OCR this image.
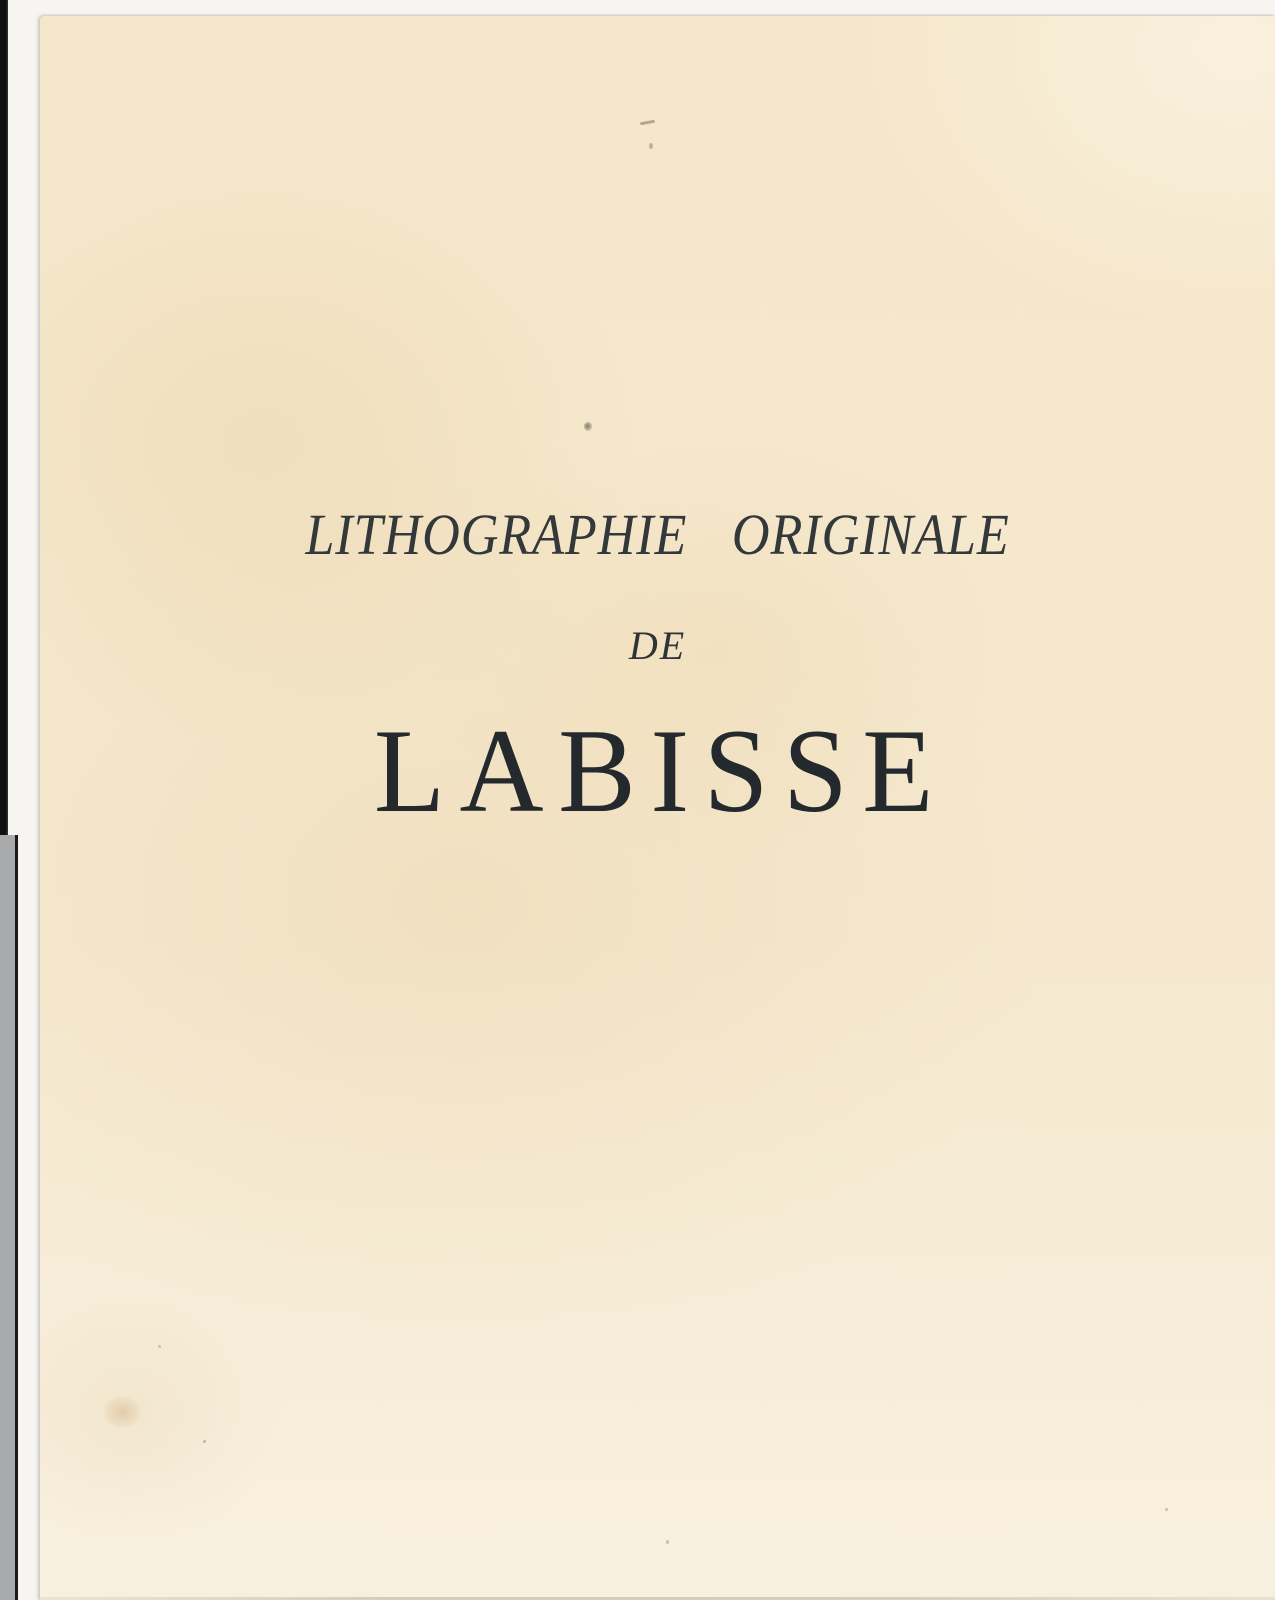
LITHOGRAPHIE ORIGINALE
DE
LABISSE
